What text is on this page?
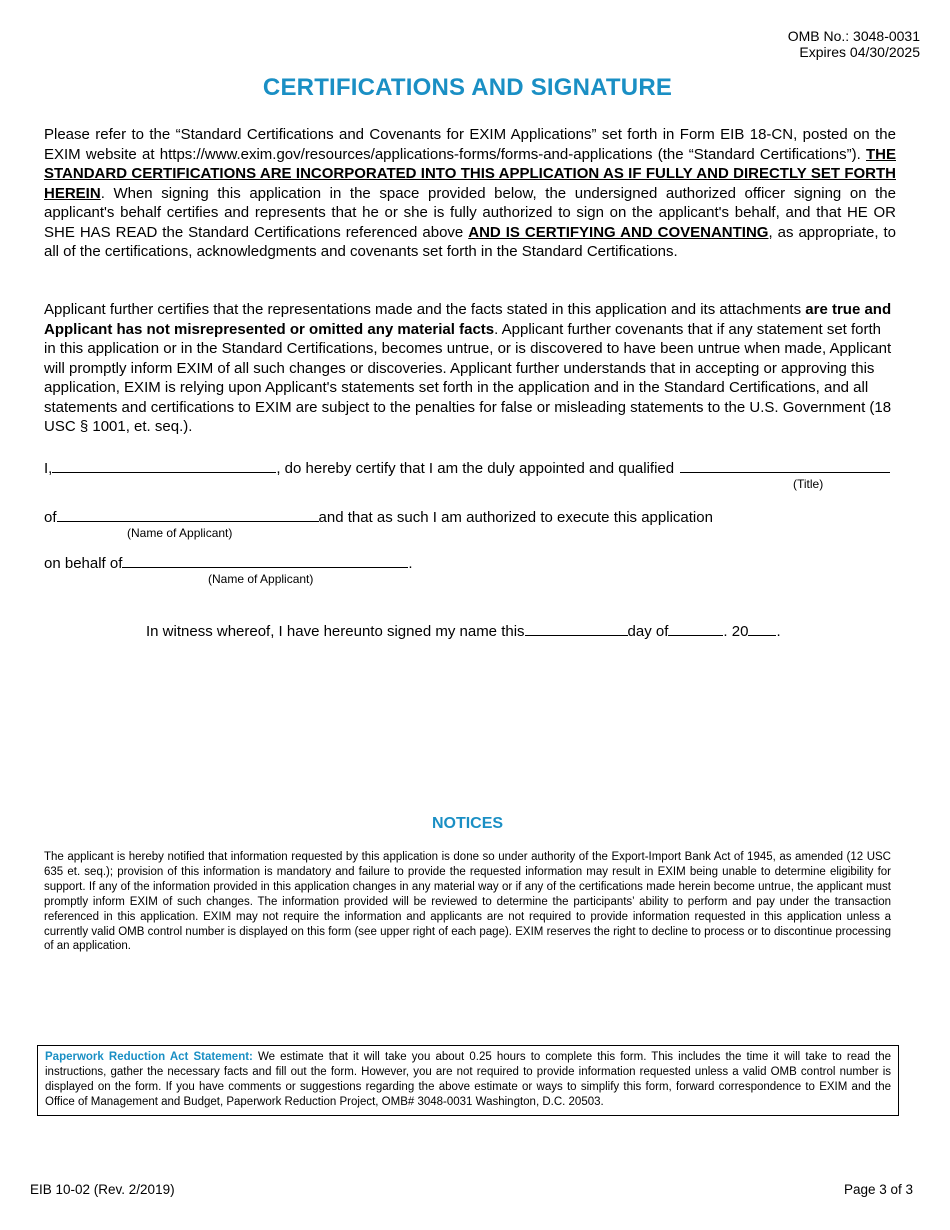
OMB No.: 3048-0031
Expires 04/30/2025
CERTIFICATIONS AND SIGNATURE

Please refer to the “Standard Certifications and Covenants for EXIM Applications” set forth in Form EIB 18-CN, posted on the EXIM website at https://www.exim.gov/resources/applications-forms/forms-and-applications (the “Standard Certifications”). THE STANDARD CERTIFICATIONS ARE INCORPORATED INTO THIS APPLICATION AS IF FULLY AND DIRECTLY SET FORTH HEREIN. When signing this application in the space provided below, the undersigned authorized officer signing on the applicant's behalf certifies and represents that he or she is fully authorized to sign on the applicant's behalf, and that HE OR SHE HAS READ the Standard Certifications referenced above AND IS CERTIFYING AND COVENANTING, as appropriate, to all of the certifications, acknowledgments and covenants set forth in the Standard Certifications.

Applicant further certifies that the representations made and the facts stated in this application and its attachments are true and Applicant has not misrepresented or omitted any material facts. Applicant further covenants that if any statement set forth in this application or in the Standard Certifications, becomes untrue, or is discovered to have been untrue when made, Applicant will promptly inform EXIM of all such changes or discoveries. Applicant further understands that in accepting or approving this application, EXIM is relying upon Applicant's statements set forth in the application and in the Standard Certifications, and all statements and certifications to EXIM are subject to the penalties for false or misleading statements to the U.S. Government (18 USC § 1001, et. seq.).

I,	, do hereby certify that I am the duly appointed and qualified
(Title)
of	and that as such I am authorized to execute this application
(Name of Applicant)
on behalf of	.
(Name of Applicant)
In witness whereof, I have hereunto signed my name this	day of	. 20 .
NOTICES

The applicant is hereby notified that information requested by this application is done so under authority of the Export-Import Bank Act of 1945, as amended (12 USC 635 et. seq.); provision of this information is mandatory and failure to provide the requested information may result in EXIM being unable to determine eligibility for support. If any of the information provided in this application changes in any material way or if any of the certifications made herein become untrue, the applicant must promptly inform EXIM of such changes. The information provided will be reviewed to determine the participants’ ability to perform and pay under the transaction referenced in this application. EXIM may not require the information and applicants are not required to provide information requested in this application unless a currently valid OMB control number is displayed on this form (see upper right of each page). EXIM reserves the right to decline to process or to discontinue processing of an application.

Paperwork Reduction Act Statement: We estimate that it will take you about 0.25 hours to complete this form. This includes the time it will take to read the instructions, gather the necessary facts and fill out the form. However, you are not required to provide information requested unless a valid OMB control number is displayed on the form. If you have comments or suggestions regarding the above estimate or ways to simplify this form, forward correspondence to EXIM and the Office of Management and Budget, Paperwork Reduction Project, OMB# 3048-0031 Washington, D.C. 20503.
EIB 10-02 (Rev. 2/2019)	Page 3 of 3
